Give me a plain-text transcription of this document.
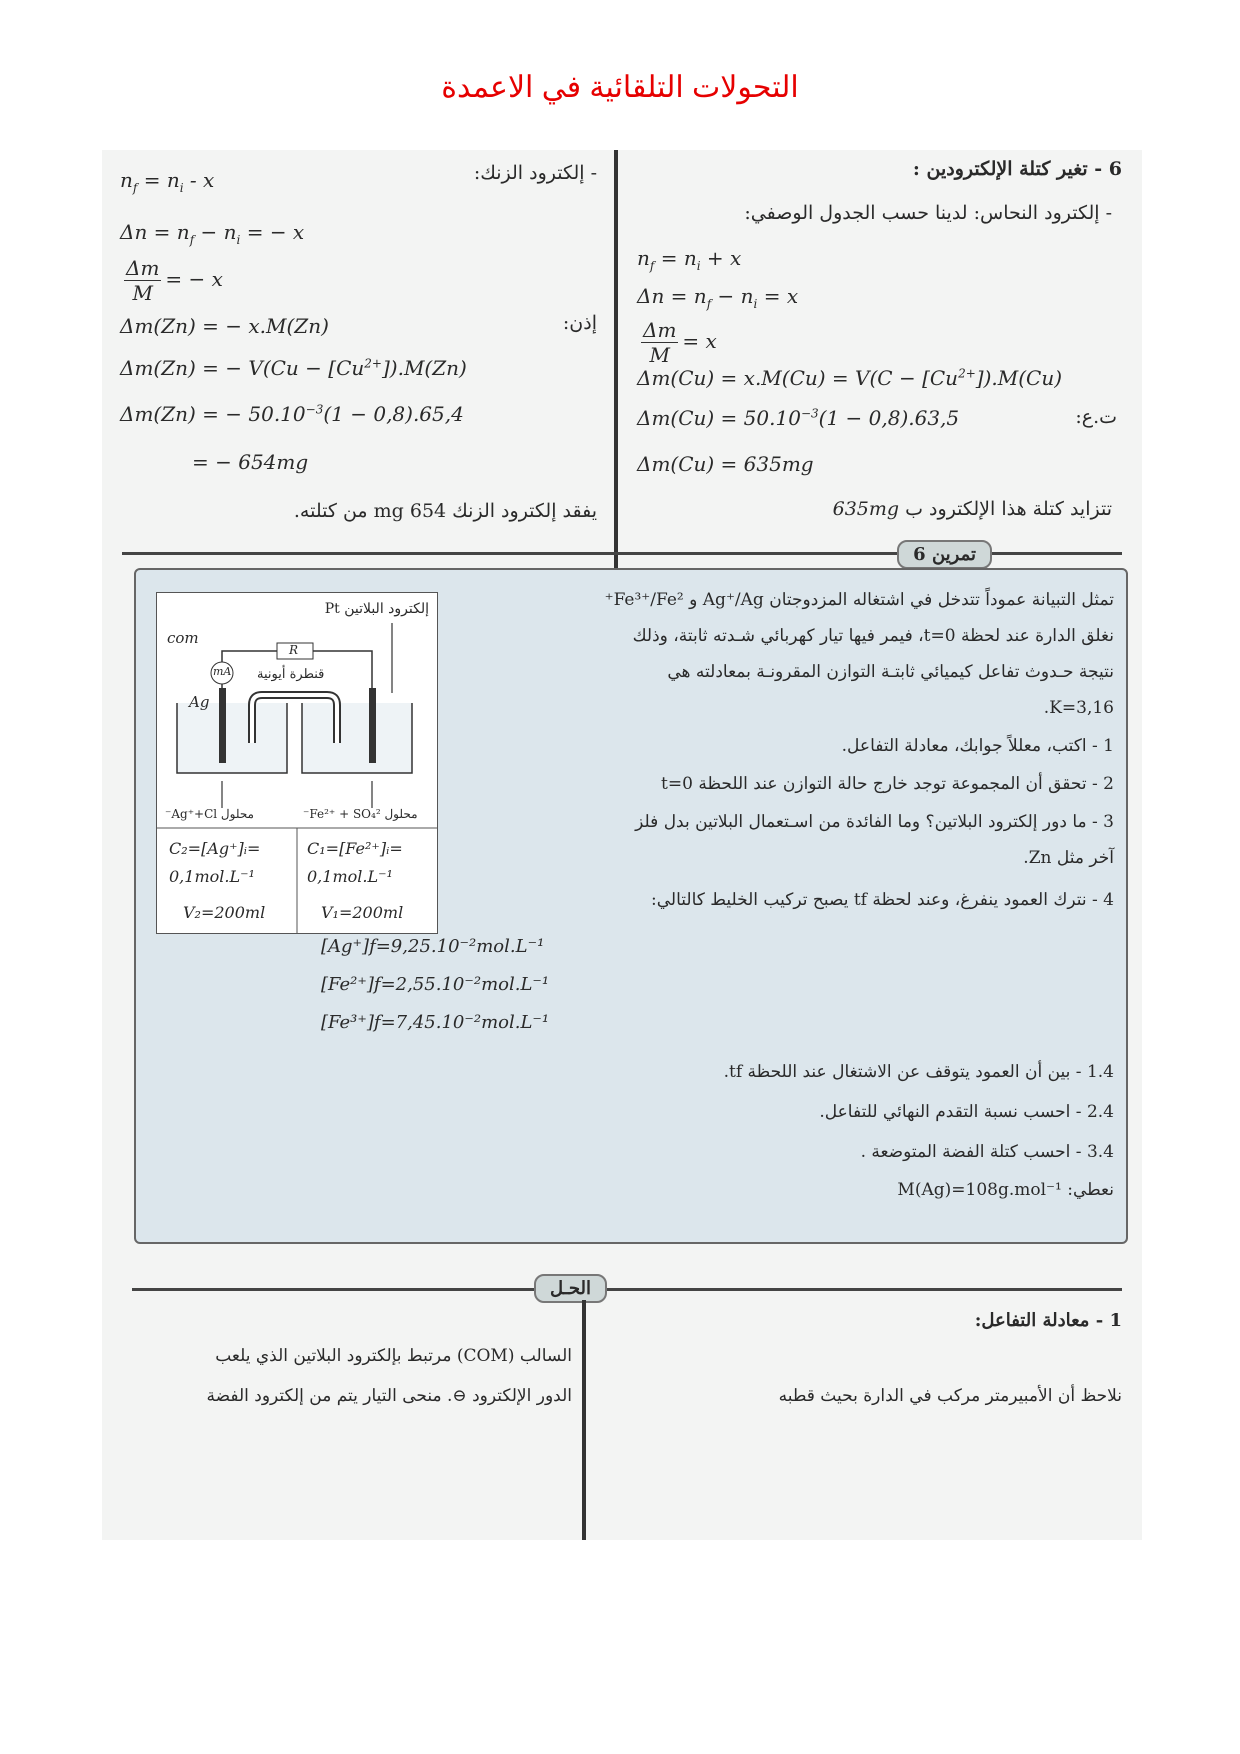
التحولات التلقائية في الاعمدة
6 - تغير كتلة الإلكترودين :
- إلكترود النحاس: لدينا حسب الجدول الوصفي:
$n_f = n_i + x$
$\Delta n = n_f - n_i = x$
$\frac{\Delta m}{M} = x$
$\Delta m(Cu) = x.M(Cu) = V(C - [Cu^{2+}]).M(Cu)$
$\Delta m(Cu) = 50.10^{-3}(1 - 0,8).63,5$	ت.ع:
Δm(Cu) = 635mg
تتزايد كتلة هذا الإلكترود ب 635mg
- إلكترود الزنك:
$n_f = n_i - x$
$\Delta n = n_f - n_i$ = − x
$\frac{\Delta m}{M}$ = − x
إذن:
Δm(Zn) = − x.M(Zn)
Δm(Zn) = − $V(Cu - [Cu^{2+}]).M(Zn)$
Δm(Zn) = − $50.10^{-3}(1 - 0,8).65,4$
= − 654mg
يفقد إلكترود الزنك 654 mg من كتلته.
تمرين 6
إلكترود البلاتين Pt
com
mA
R
قنطرة أيونية
Ag
محلول Ag⁺+Cl⁻	محلول Fe²⁺ + SO₄²⁻
C₂=[Ag⁺]ᵢ=
0,1mol.L⁻¹
V₂=200ml
C₁=[Fe²⁺]ᵢ=
0,1mol.L⁻¹
V₁=200ml
تمثل التبيانة عموداً تتدخل في اشتغاله المزدوجتان Ag⁺/Ag و Fe³⁺/Fe²⁺
نغلق الدارة عند لحظة t=0، فيمر فيها تيار كهربائي شـدته ثابتة، وذلك
نتيجة حـدوث تفاعل كيميائي ثابتـة التوازن المقرونـة بمعادلته هي
.K=3,16
1 - اكتب، معللاً جوابك، معادلة التفاعل.
2 - تحقق أن المجموعة توجد خارج حالة التوازن عند اللحظة t=0
3 - ما دور إلكترود البلاتين؟ وما الفائدة من اسـتعمال البلاتين بدل فلز
آخر مثل Zn.
4 - نترك العمود ينفرغ، وعند لحظة tf يصبح تركيب الخليط كالتالي:
[Ag⁺]f=9,25.10⁻²mol.L⁻¹
[Fe²⁺]f=2,55.10⁻²mol.L⁻¹
[Fe³⁺]f=7,45.10⁻²mol.L⁻¹
1.4 - بين أن العمود يتوقف عن الاشتغال عند اللحظة tf.
2.4 - احسب نسبة التقدم النهائي للتفاعل.
3.4 - احسب كتلة الفضة المتوضعة .
نعطي: M(Ag)=108g.mol⁻¹
الحـل
1 - معادلة التفاعل:
نلاحظ أن الأمبيرمتر مركب في الدارة بحيث قطبه
السالب (COM) مرتبط بإلكترود البلاتين الذي يلعب
الدور الإلكترود ⊖. منحى التيار يتم من إلكترود الفضة
